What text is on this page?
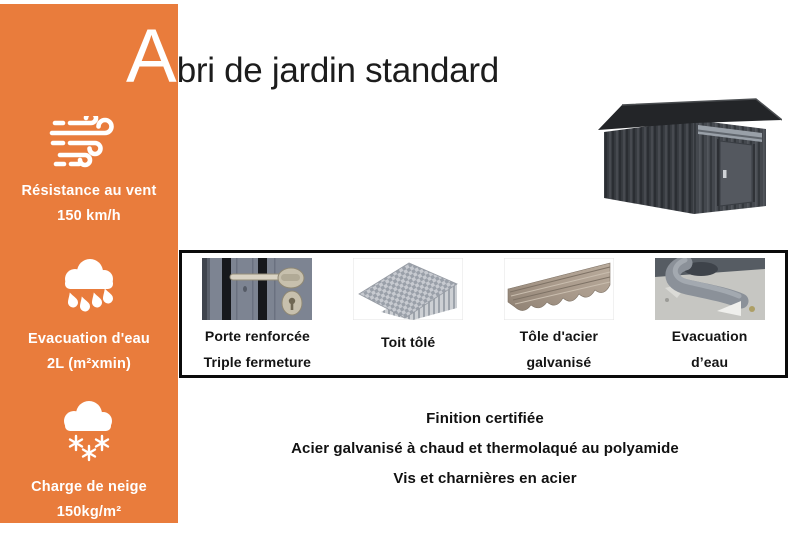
Résistance au vent
150 km/h
Evacuation d'eau
2L (m²xmin)
Charge de neige
150kg/m²
Abri de jardin standard
Porte renforcée
Triple fermeture
Toit tôlé	Tôle d'acier
galvanisé
Evacuation
d’eau

Finition certifiée

Acier galvanisé à chaud et thermolaqué au polyamide

Vis et charnières en acier
